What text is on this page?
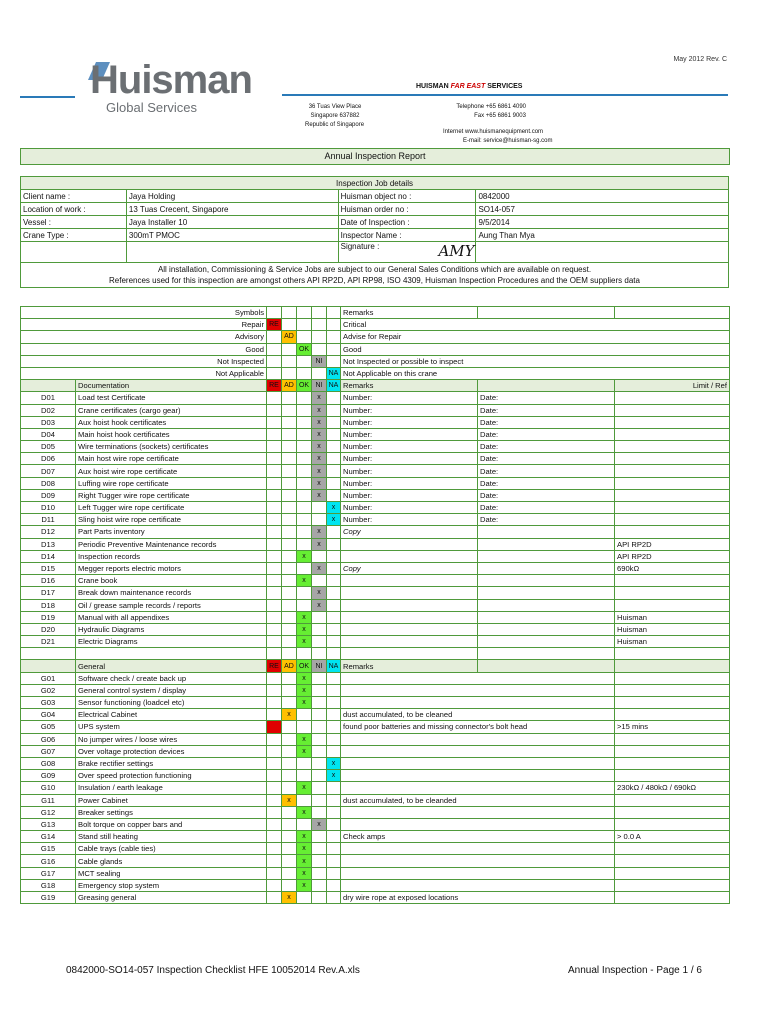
May 2012 Rev. C
Huisman
Global Services
HUISMAN FAR EAST SERVICES
36 Tuas View Place
Singapore 637882
Republic of Singapore
Telephone +65 6861 4090
Fax +65 6861 9003
Internet www.huismanequipment.com
E-mail: service@huisman-sg.com
Annual Inspection Report
Inspection Job details			
Client name :	Jaya Holding	Huisman object no :	0842000
Location of work :	13 Tuas Crecent, Singapore	Huisman order no :	SO14-057
Vessel :	Jaya Installer 10	Date of Inspection :	9/5/2014
Crane Type :	300mT PMOC	Inspector Name :	Aung Than Mya
		Signature :	AMY

All installation, Commissioning & Service Jobs are subject to our General Sales Conditions which are available on request.
References used for this inspection are amongst others API RP2D, API RP98, ISO 4309, Huisman Inspection Procedures and the OEM suppliers data			
Symbols							Remarks		
Repair		RE					Critical		
Advisory			AD				Advise for Repair		
Good				OK			Good		
Not Inspected					NI		Not Inspected or possible to inspect		
Not Applicable						NA	Not Applicable on this crane		
	Documentation	RE	AD	OK	NI	NA	Remarks		Limit / Ref
D01	Load test Certificate				x		Number:	Date:	
D02	Crane certificates (cargo gear)				x		Number:	Date:	
D03	Aux hoist hook certificates				x		Number:	Date:	
D04	Main hoist hook certificates				x		Number:	Date:	
D05	Wire terminations (sockets) certificates				x		Number:	Date:	
D06	Main host wire rope certificate				x		Number:	Date:	
D07	Aux hoist wire rope certificate				x		Number:	Date:	
D08	Luffing wire rope certificate				x		Number:	Date:	
D09	Right Tugger wire rope certificate				x		Number:	Date:	
D10	Left Tugger wire rope certificate					x	Number:	Date:	
D11	Sling hoist wire rope certificate					x	Number:	Date:	
D12	Part Parts inventory				x		Copy		
D13	Periodic Preventive Maintenance records				x				API RP2D
D14	Inspection records			x					API RP2D
D15	Megger reports electric motors				x		Copy		690kΩ
D16	Crane book			x					
D17	Break down maintenance records				x				
D18	Oil / grease sample records / reports				x				
D19	Manual with all appendixes			x					Huisman
D20	Hydraulic Diagrams			x					Huisman
D21	Electric Diagrams			x					Huisman

	General	RE	AD	OK	NI	NA	Remarks		
G01	Software check / create back up			x					
G02	General control system / display			x					
G03	Sensor functioning (loadcel etc)			x					
G04	Electrical Cabinet		x				dust accumulated, to be cleaned		
G05	UPS system						found poor batteries and missing connector's bolt head		>15 mins
G06	No jumper wires / loose wires			x					
G07	Over voltage protection devices			x					
G08	Brake rectifier settings					x			
G09	Over speed protection functioning					x			
G10	Insulation / earth leakage			x					230kΩ / 480kΩ / 690kΩ
G11	Power Cabinet		x				dust accumulated, to be cleanded		
G12	Breaker settings			x					
G13	Bolt torque on copper bars and				x				
G14	Stand still heating			x			Check amps		> 0.0 A
G15	Cable trays (cable ties)			x					
G16	Cable glands			x					
G17	MCT sealing			x					
G18	Emergency stop system			x					
G19	Greasing general		x				dry wire rope at exposed locations		
0842000-SO14-057 Inspection Checklist HFE 10052014 Rev.A.xls	Annual Inspection - Page 1 / 6
